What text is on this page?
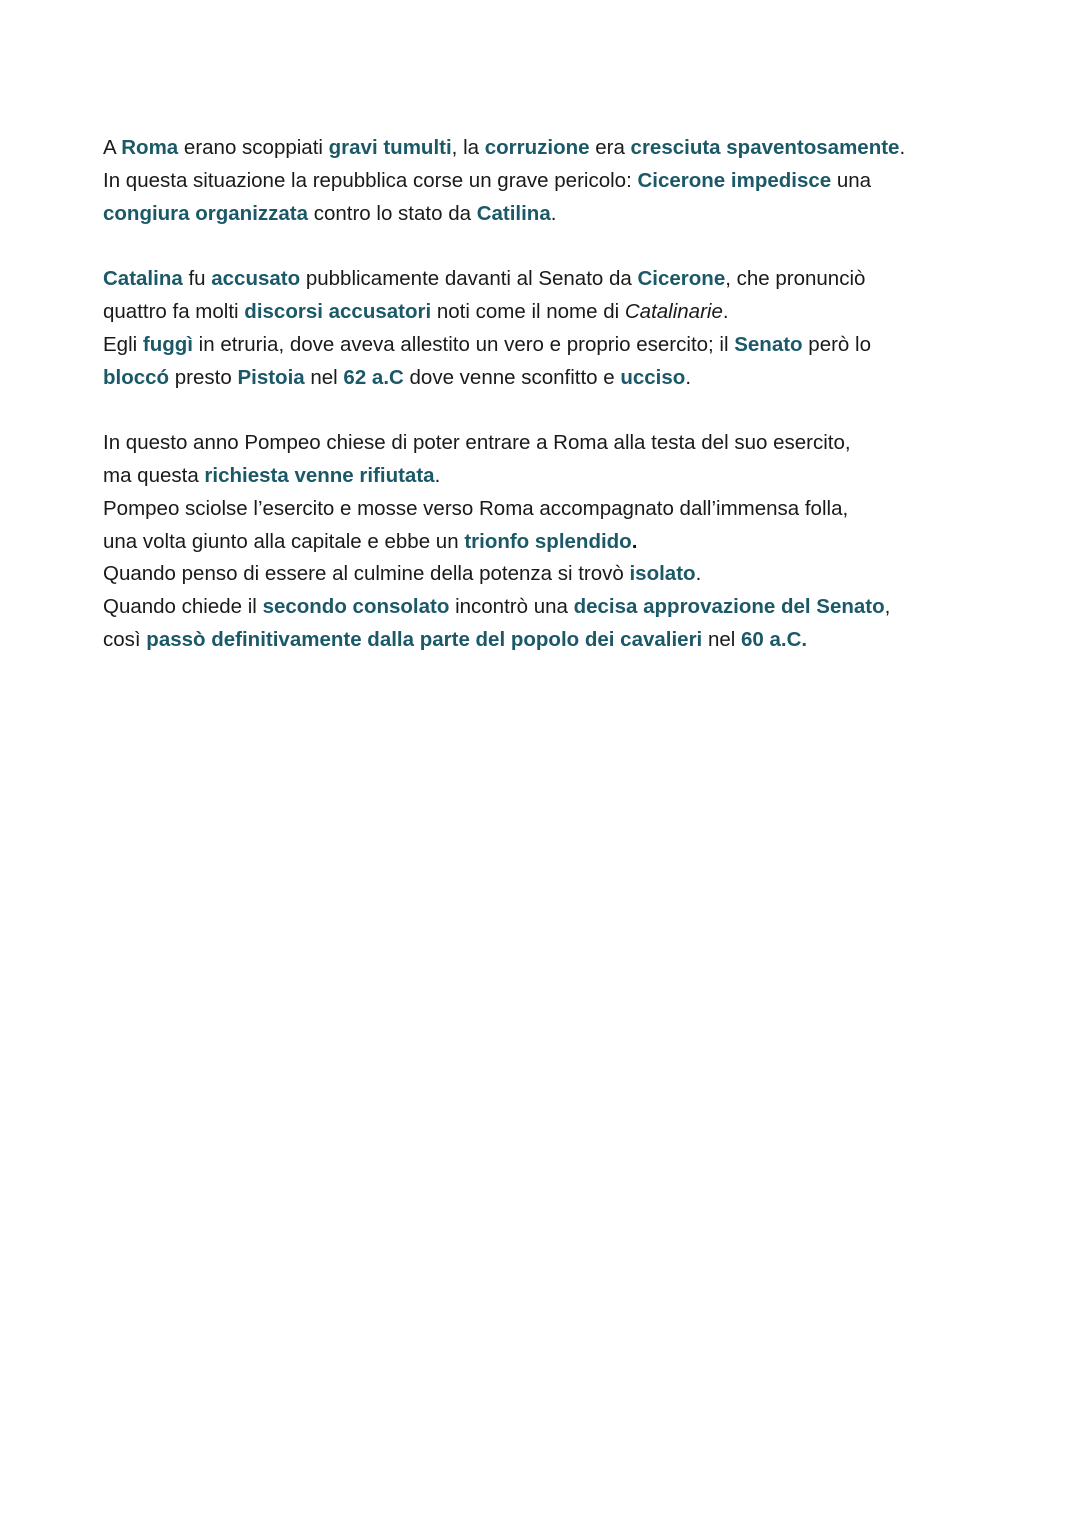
A Roma erano scoppiati gravi tumulti, la corruzione era cresciuta spaventosamente.
In questa situazione la repubblica corse un grave pericolo: Cicerone impedisce una
congiura organizzata contro lo stato da Catilina.
Catalina fu accusato pubblicamente davanti al Senato da Cicerone, che pronunciò
quattro fa molti discorsi accusatori noti come il nome di Catalinarie.
Egli fuggì in etruria, dove aveva allestito un vero e proprio esercito; il Senato però lo
bloccó presto Pistoia nel 62 a.C dove venne sconfitto e ucciso.
In questo anno Pompeo chiese di poter entrare a Roma alla testa del suo esercito,
ma questa richiesta venne rifiutata.
Pompeo sciolse l’esercito e mosse verso Roma accompagnato dall’immensa folla,
una volta giunto alla capitale e ebbe un trionfo splendido.
Quando penso di essere al culmine della potenza si trovò isolato.
Quando chiede il secondo consolato incontrò una decisa approvazione del Senato,
così passò definitivamente dalla parte del popolo dei cavalieri nel 60 a.C.
